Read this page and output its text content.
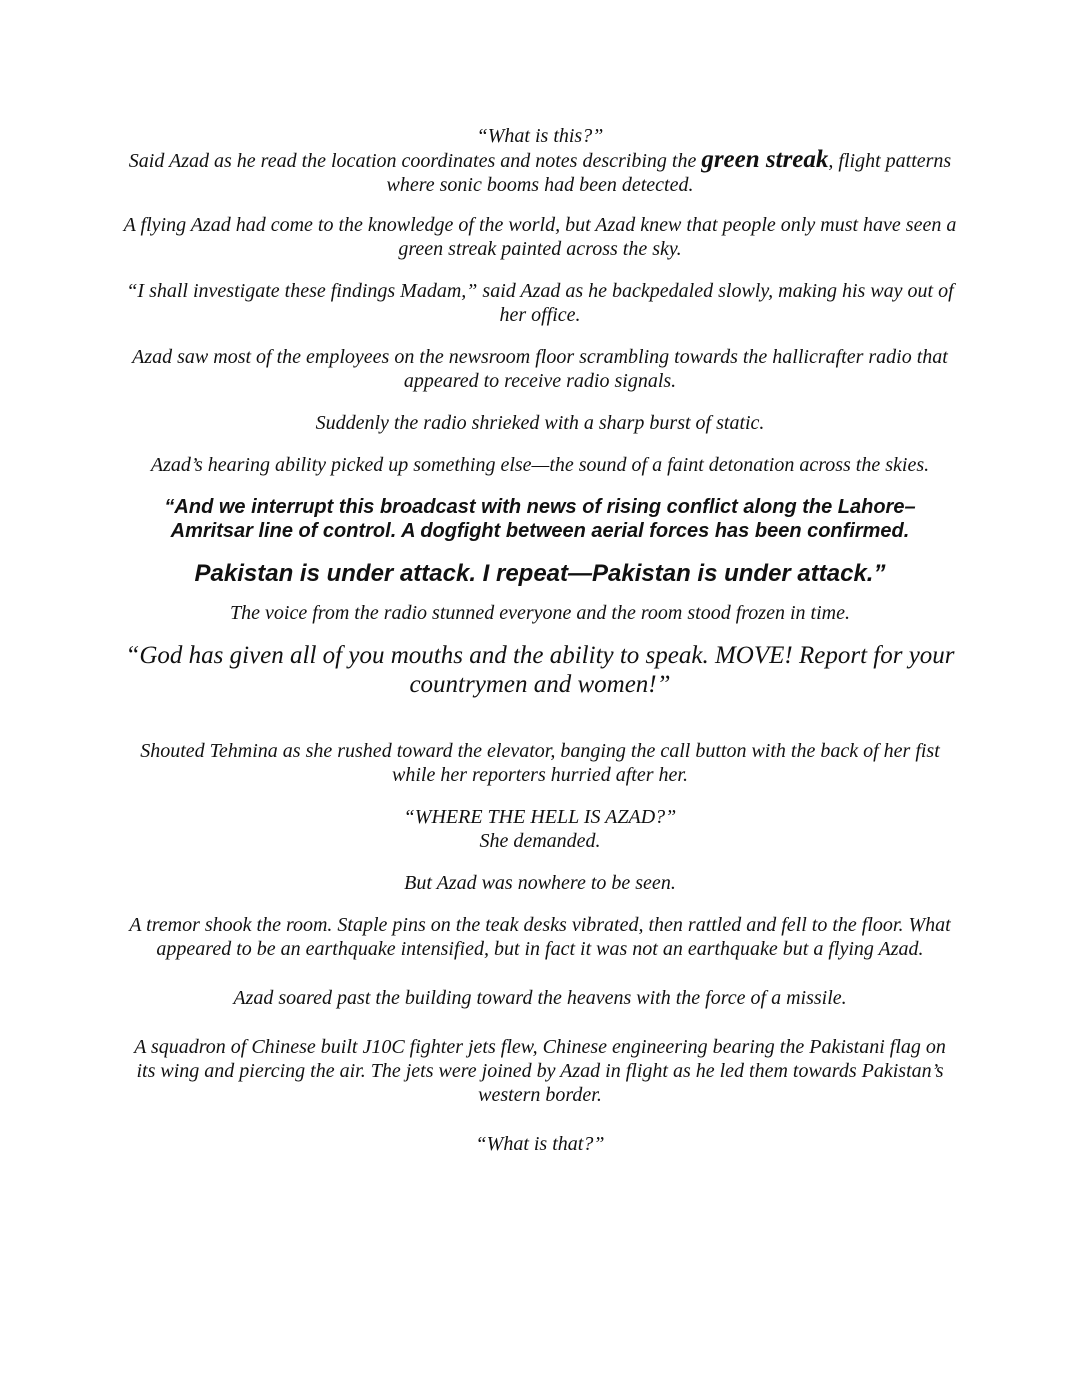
“What is this?”
Said Azad as he read the location coordinates and notes describing the green streak, flight patterns where sonic booms had been detected.

A flying Azad had come to the knowledge of the world, but Azad knew that people only must have seen a green streak painted across the sky.

“I shall investigate these findings Madam,” said Azad as he backpedaled slowly, making his way out of her office.

Azad saw most of the employees on the newsroom floor scrambling towards the hallicrafter radio that appeared to receive radio signals.

Suddenly the radio shrieked with a sharp burst of static.

Azad’s hearing ability picked up something else—the sound of a faint detonation across the skies.

“And we interrupt this broadcast with news of rising conflict along the Lahore–Amritsar line of control. A dogfight between aerial forces has been confirmed.

Pakistan is under attack. I repeat—Pakistan is under attack.”

The voice from the radio stunned everyone and the room stood frozen in time.

“God has given all of you mouths and the ability to speak. MOVE! Report for your countrymen and women!”

Shouted Tehmina as she rushed toward the elevator, banging the call button with the back of her fist while her reporters hurried after her.

“WHERE THE HELL IS AZAD?”
She demanded.

But Azad was nowhere to be seen.

A tremor shook the room. Staple pins on the teak desks vibrated, then rattled and fell to the floor. What appeared to be an earthquake intensified, but in fact it was not an earthquake but a flying Azad.

Azad soared past the building toward the heavens with the force of a missile.

A squadron of Chinese built J10C fighter jets flew, Chinese engineering bearing the Pakistani flag on its wing and piercing the air. The jets were joined by Azad in flight as he led them towards Pakistan’s western border.

“What is that?”
